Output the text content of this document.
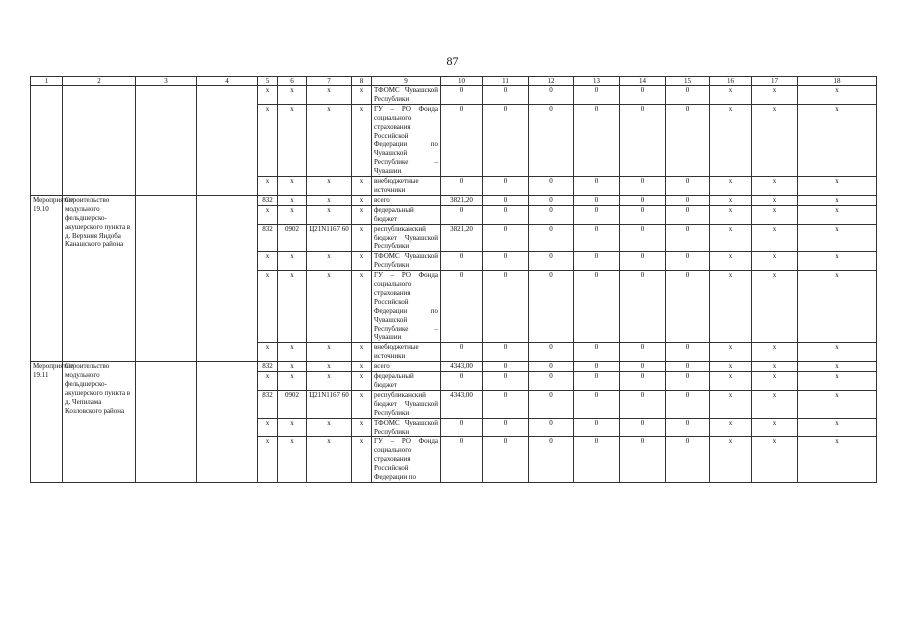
87
1	2	3	4	5	6	7	8	9	10	11	12	13	14	15	16	17	18
				x	x	x	x	ТФОМС Чувашской Республики	0	0	0	0	0	0	x	x	x
				x	x	x	x	ГУ – РО Фонда социального страхования Российской Федерации по Чувашской Республике – Чувашии	0	0	0	0	0	0	x	x	x
				x	x	x	x	внебюджетные источники	0	0	0	0	0	0	x	x	x
Мероприятие 19.10	Строительство модульного фельдшерско-акушерского пункта в д. Верхняя Яндоба Канашского района			832	x	x	x	всего	3821,20	0	0	0	0	0	x	x	x
				x	x	x	x	федеральный бюджет	0	0	0	0	0	0	x	x	x
				832	0902	Ц21N1167 60	x	республиканский бюджет Чувашской Республики	3821,20	0	0	0	0	0	x	x	x
				x	x	x	x	ТФОМС Чувашской Республики	0	0	0	0	0	0	x	x	x
				x	x	x	x	ГУ – РО Фонда социального страхования Российской Федерации по Чувашской Республике – Чувашии	0	0	0	0	0	0	x	x	x
				x	x	x	x	внебюджетные источники	0	0	0	0	0	0	x	x	x
Мероприятие 19.11	Строительство модульного фельдшерско-акушерского пункта в д. Чепилама Козловского района			832	x	x	x	всего	4343,00	0	0	0	0	0	x	x	x
				x	x	x	x	федеральный бюджет	0	0	0	0	0	0	x	x	x
				832	0902	Ц21N1167 60	x	республиканский бюджет Чувашской Республики	4343,00	0	0	0	0	0	x	x	x
				x	x	x	x	ТФОМС Чувашской Республики	0	0	0	0	0	0	x	x	x
				x	x	x	x	ГУ – РО Фонда социального страхования Российской Федерации по	0	0	0	0	0	0	x	x	x
